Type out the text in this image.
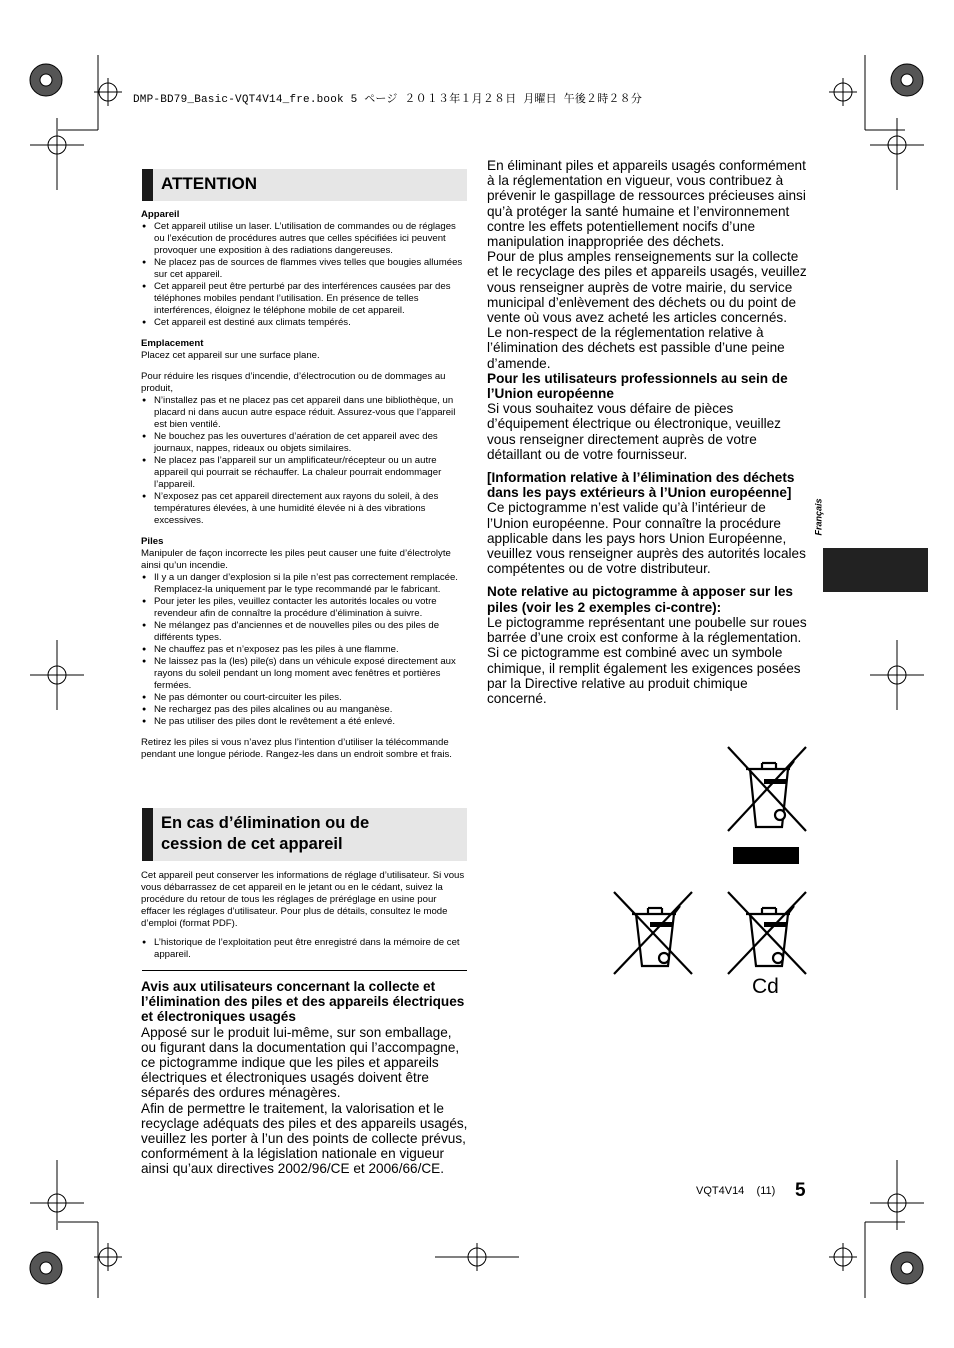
DMP-BD79_Basic-VQT4V14_fre.book 5 ページ ２０１３年１月２８日 月曜日 午後２時２８分
ATTENTION

Appareil

● Cet appareil utilise un laser. L’utilisation de commandes ou de réglages ou l’exécution de procédures autres que celles spécifiées ici peuvent provoquer une exposition à des radiations dangereuses.
● Ne placez pas de sources de flammes vives telles que bougies allumées sur cet appareil.
● Cet appareil peut être perturbé par des interférences causées par des téléphones mobiles pendant l’utilisation. En présence de telles interférences, éloignez le téléphone mobile de cet appareil.
● Cet appareil est destiné aux climats tempérés.

Emplacement

Placez cet appareil sur une surface plane.

Pour réduire les risques d’incendie, d’électrocution ou de dommages au produit,

● N’installez pas et ne placez pas cet appareil dans une bibliothèque, un placard ni dans aucun autre espace réduit. Assurez-vous que l’appareil est bien ventilé.
● Ne bouchez pas les ouvertures d’aération de cet appareil avec des journaux, nappes, rideaux ou objets similaires.
● Ne placez pas l’appareil sur un amplificateur/récepteur ou un autre appareil qui pourrait se réchauffer. La chaleur pourrait endommager l’appareil.
● N’exposez pas cet appareil directement aux rayons du soleil, à des températures élevées, à une humidité élevée ni à des vibrations excessives.

Piles

Manipuler de façon incorrecte les piles peut causer une fuite d’électrolyte ainsi qu’un incendie.

● Il y a un danger d’explosion si la pile n’est pas correctement remplacée. Remplacez-la uniquement par le type recommandé par le fabricant.
● Pour jeter les piles, veuillez contacter les autorités locales ou votre revendeur afin de connaître la procédure d’élimination à suivre.
● Ne mélangez pas d'anciennes et de nouvelles piles ou des piles de différents types.
● Ne chauffez pas et n’exposez pas les piles à une flamme.
● Ne laissez pas la (les) pile(s) dans un véhicule exposé directement aux rayons du soleil pendant un long moment avec fenêtres et portières fermées.
● Ne pas démonter ou court-circuiter les piles.
● Ne rechargez pas des piles alcalines ou au manganèse.
● Ne pas utiliser des piles dont le revêtement a été enlevé.

Retirez les piles si vous n’avez plus l’intention d’utiliser la télécommande pendant une longue période. Rangez-les dans un endroit sombre et frais.

En cas d’élimination ou de
cession de cet appareil

Cet appareil peut conserver les informations de réglage d’utilisateur. Si vous vous débarrassez de cet appareil en le jetant ou en le cédant, suivez la procédure du retour de tous les réglages de préréglage en usine pour effacer les réglages d’utilisateur. Pour plus de détails, consultez le mode d’emploi (format PDF).

● L’historique de l’exploitation peut être enregistré dans la mémoire de cet appareil.

Avis aux utilisateurs concernant la collecte et l’élimination des piles et des appareils électriques et électroniques usagés

Apposé sur le produit lui-même, sur son emballage, ou figurant dans la documentation qui l’accompagne, ce pictogramme indique que les piles et appareils électriques et électroniques usagés doivent être séparés des ordures ménagères.

Afin de permettre le traitement, la valorisation et le recyclage adéquats des piles et des appareils usagés, veuillez les porter à l’un des points de collecte prévus, conformément à la législation nationale en vigueur ainsi qu’aux directives 2002/96/CE et 2006/66/CE.

En éliminant piles et appareils usagés conformément à la réglementation en vigueur, vous contribuez à prévenir le gaspillage de ressources précieuses ainsi qu’à protéger la santé humaine et l’environnement contre les effets potentiellement nocifs d’une manipulation inappropriée des déchets.

Pour de plus amples renseignements sur la collecte et le recyclage des piles et appareils usagés, veuillez vous renseigner auprès de votre mairie, du service municipal d’enlèvement des déchets ou du point de vente où vous avez acheté les articles concernés.

Le non-respect de la réglementation relative à l’élimination des déchets est passible d’une peine d’amende.

Pour les utilisateurs professionnels au sein de l’Union européenne

Si vous souhaitez vous défaire de pièces d’équipement électrique ou électronique, veuillez vous renseigner directement auprès de votre détaillant ou de votre fournisseur.

[Information relative à l’élimination des déchets dans les pays extérieurs à l’Union européenne]

Ce pictogramme n’est valide qu’à l’intérieur de l’Union européenne. Pour connaître la procédure applicable dans les pays hors Union Européenne, veuillez vous renseigner auprès des autorités locales compétentes ou de votre distributeur.

Note relative au pictogramme à apposer sur les piles (voir les 2 exemples ci-contre):

Le pictogramme représentant une poubelle sur roues barrée d’une croix est conforme à la réglementation. Si ce pictogramme est combiné avec un symbole chimique, il remplit également les exigences posées par la Directive relative au produit chimique concerné.

Cd
Français
VQT4V14    (11) 5
